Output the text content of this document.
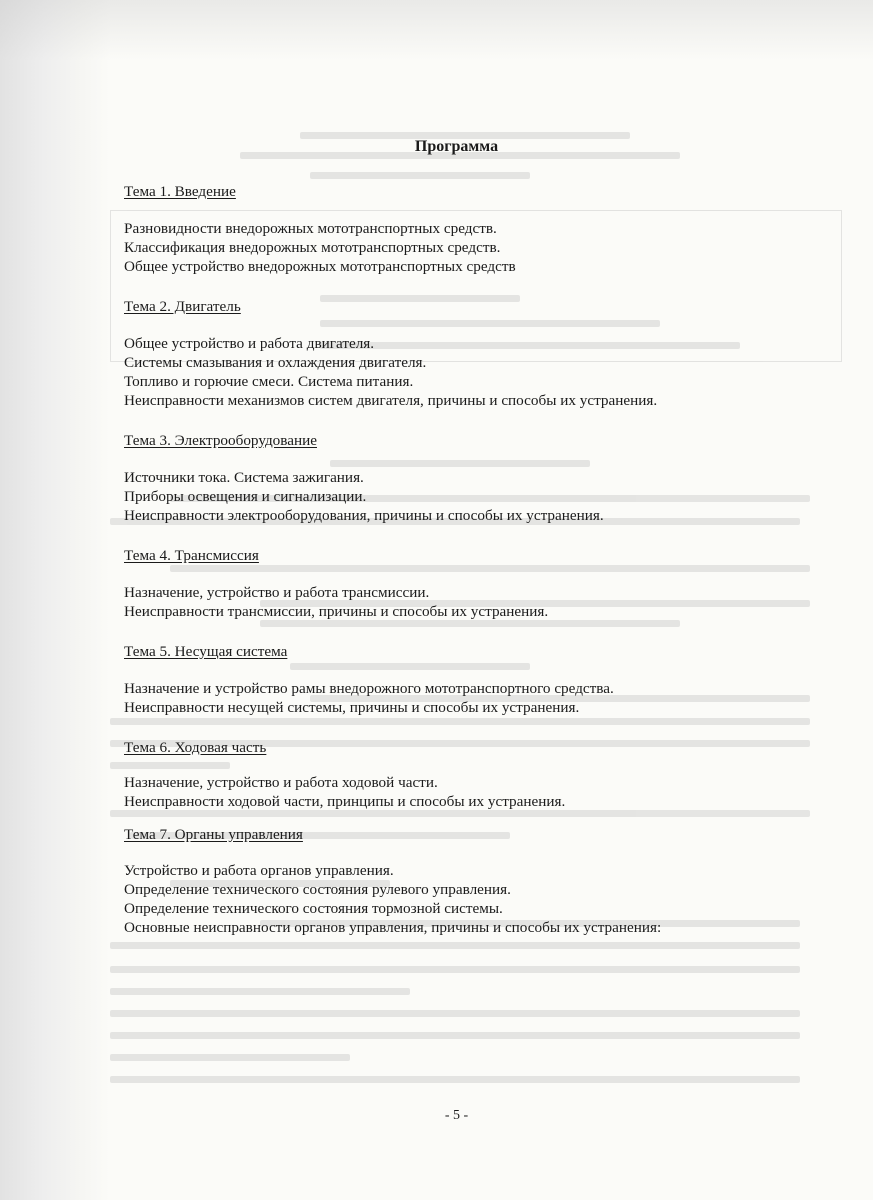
Программа
Тема 1. Введение
Разновидности внедорожных мототранспортных средств.
Классификация внедорожных мототранспортных средств.
Общее устройство внедорожных мототранспортных средств
Тема 2. Двигатель
Общее устройство и работа двигателя.
Системы смазывания и охлаждения двигателя.
Топливо и горючие смеси. Система питания.
Неисправности механизмов систем двигателя, причины и способы их устранения.
Тема 3. Электрооборудование
Источники тока. Система зажигания.
Приборы освещения и сигнализации.
Неисправности электрооборудования, причины и способы их устранения.
Тема 4. Трансмиссия
Назначение, устройство и работа трансмиссии.
Неисправности трансмиссии, причины и способы их устранения.
Тема 5. Несущая система
Назначение и устройство рамы внедорожного мототранспортного средства.
Неисправности несущей системы, причины и способы их устранения.
Тема 6. Ходовая часть
Назначение, устройство и работа ходовой части.
Неисправности ходовой части, принципы и способы их устранения.
Тема 7. Органы управления
Устройство и работа органов управления.
Определение технического состояния рулевого управления.
Определение технического состояния тормозной системы.
Основные неисправности органов управления, причины и способы их устранения:
- 5 -
